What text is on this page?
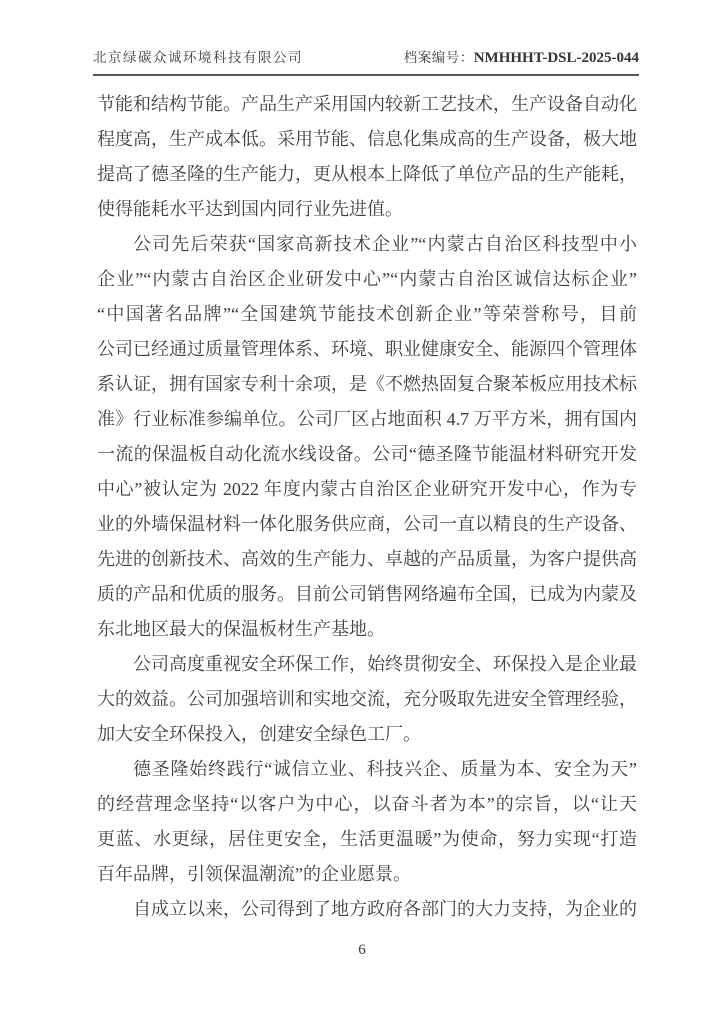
北京绿碳众诚环境科技有限公司	档案编号：NMHHHT-DSL-2025-044
节能和结构节能。产品生产采用国内较新工艺技术，生产设备自动化
程度高，生产成本低。采用节能、信息化集成高的生产设备，极大地
提高了德圣隆的生产能力，更从根本上降低了单位产品的生产能耗，
使得能耗水平达到国内同行业先进值。
公司先后荣获“国家高新技术企业”“内蒙古自治区科技型中小
企业”“内蒙古自治区企业研发中心”“内蒙古自治区诚信达标企业”
“中国著名品牌”“全国建筑节能技术创新企业”等荣誉称号，目前
公司已经通过质量管理体系、环境、职业健康安全、能源四个管理体
系认证，拥有国家专利十余项，是《不燃热固复合聚苯板应用技术标
准》行业标准参编单位。公司厂区占地面积 4.7 万平方米，拥有国内
一流的保温板自动化流水线设备。公司“德圣隆节能温材料研究开发
中心”被认定为 2022 年度内蒙古自治区企业研究开发中心，作为专
业的外墙保温材料一体化服务供应商，公司一直以精良的生产设备、
先进的创新技术、高效的生产能力、卓越的产品质量，为客户提供高
质的产品和优质的服务。目前公司销售网络遍布全国，已成为内蒙及
东北地区最大的保温板材生产基地。
公司高度重视安全环保工作，始终贯彻安全、环保投入是企业最
大的效益。公司加强培训和实地交流，充分吸取先进安全管理经验，
加大安全环保投入，创建安全绿色工厂。
德圣隆始终践行“诚信立业、科技兴企、质量为本、安全为天”
的经营理念坚持“以客户为中心，以奋斗者为本”的宗旨，以“让天
更蓝、水更绿，居住更安全，生活更温暖”为使命，努力实现“打造
百年品牌，引领保温潮流”的企业愿景。
自成立以来，公司得到了地方政府各部门的大力支持，为企业的
6
